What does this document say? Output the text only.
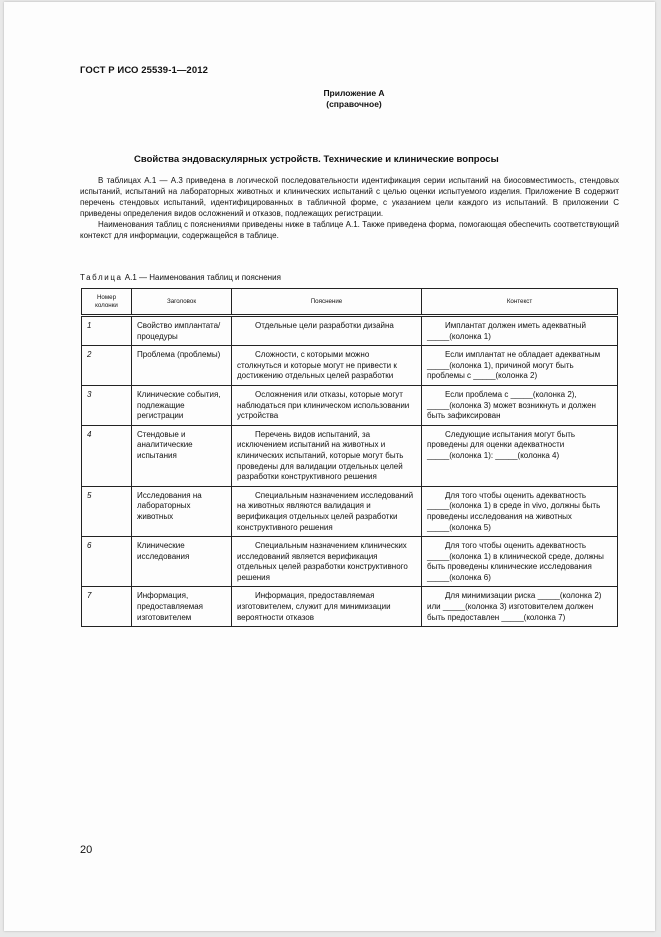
ГОСТ Р ИСО 25539-1—2012
Приложение А
(справочное)
Свойства эндоваскулярных устройств. Технические и клинические вопросы

В таблицах А.1 — А.3 приведена в логической последовательности идентификация серии испытаний на биосовместимость, стендовых испытаний, испытаний на лабораторных животных и клинических испытаний с целью оценки испытуемого изделия. Приложение В содержит перечень стендовых испытаний, идентифицированных в табличной форме, с указанием цели каждого из испытаний. В приложении С приведены определения видов осложнений и отказов, подлежащих регистрации.

Наименования таблиц с пояснениями приведены ниже в таблице А.1. Также приведена форма, помогающая обеспечить соответствующий контекст для информации, содержащейся в таблице.

Таблица А.1 — Наименования таблиц и пояснения
Номер колонки	Заголовок	Пояснение	Контекст
1	Свойство имплантата/процедуры	Отдельные цели разработки дизайна	Имплантат должен иметь адекватный _____(колонка 1)
2	Проблема (проблемы)	Сложности, с которыми можно столкнуться и которые могут не привести к достижению отдельных целей разработки	Если имплантат не обладает адекватным _____(колонка 1), причиной могут быть проблемы с _____(колонка 2)
3	Клинические события, подлежащие регистрации	Осложнения или отказы, которые могут наблюдаться при клиническом использовании устройства	Если проблема с _____(колонка 2), _____(колонка 3) может возникнуть и должен быть зафиксирован
4	Стендовые и аналитические испытания	Перечень видов испытаний, за исключением испытаний на животных и клинических испытаний, которые могут быть проведены для валидации отдельных целей разработки конструктивного решения	Следующие испытания могут быть проведены для оценки адекватности _____(колонка 1): _____(колонка 4)
5	Исследования на лабораторных животных	Специальным назначением исследований на животных являются валидация и верификация отдельных целей разработки конструктивного решения	Для того чтобы оценить адекватность _____(колонка 1) в среде in vivo, должны быть проведены исследования на животных _____(колонка 5)
6	Клинические исследования	Специальным назначением клинических исследований является верификация отдельных целей разработки конструктивного решения	Для того чтобы оценить адекватность _____(колонка 1) в клинической среде, должны быть проведены клинические исследования _____(колонка 6)
7	Информация, предоставляемая изготовителем	Информация, предоставляемая изготовителем, служит для минимизации вероятности отказов	Для минимизации риска _____(колонка 2) или _____(колонка 3) изготовителем должен быть предоставлен _____(колонка 7)
20
